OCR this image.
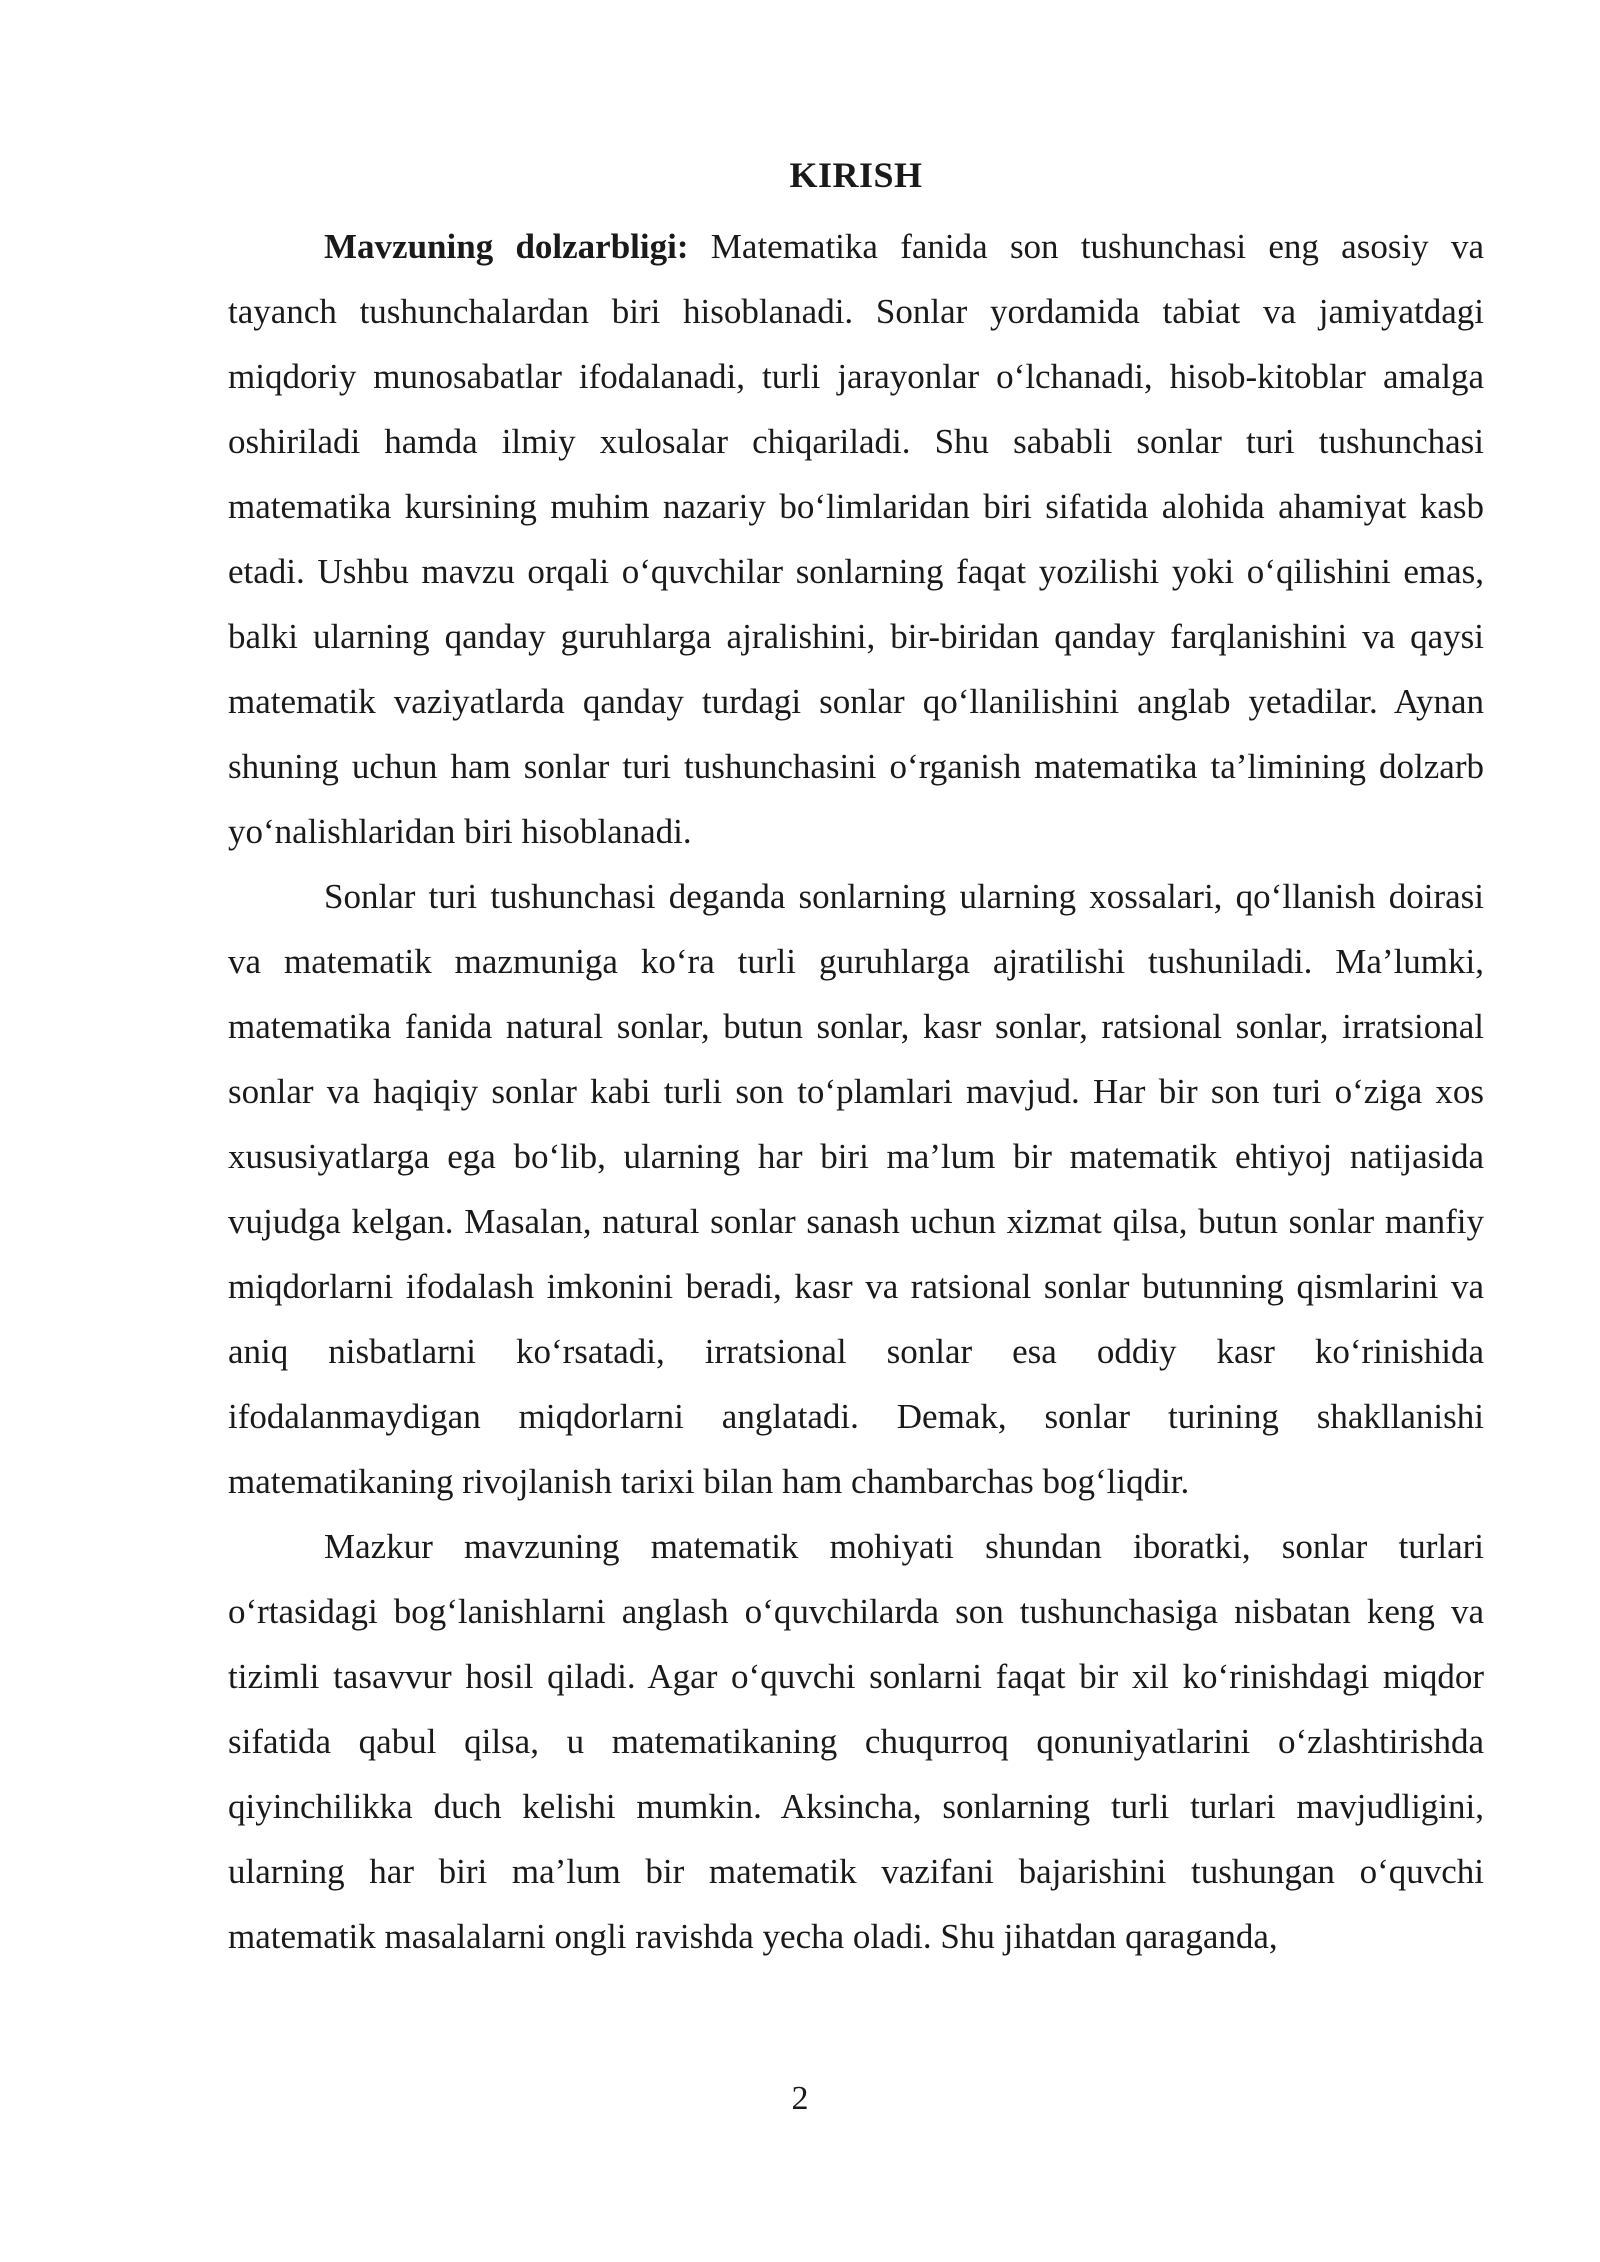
KIRISH

Mavzuning dolzarbligi: Matematika fanida son tushunchasi eng asosiy va tayanch tushunchalardan biri hisoblanadi. Sonlar yordamida tabiat va jamiyatdagi miqdoriy munosabatlar ifodalanadi, turli jarayonlar o‘lchanadi, hisob-kitoblar amalga oshiriladi hamda ilmiy xulosalar chiqariladi. Shu sababli sonlar turi tushunchasi matematika kursining muhim nazariy bo‘limlaridan biri sifatida alohida ahamiyat kasb etadi. Ushbu mavzu orqali o‘quvchilar sonlarning faqat yozilishi yoki o‘qilishini emas, balki ularning qanday guruhlarga ajralishini, bir-biridan qanday farqlanishini va qaysi matematik vaziyatlarda qanday turdagi sonlar qo‘llanilishini anglab yetadilar. Aynan shuning uchun ham sonlar turi tushunchasini o‘rganish matematika ta’limining dolzarb yo‘nalishlaridan biri hisoblanadi.

Sonlar turi tushunchasi deganda sonlarning ularning xossalari, qo‘llanish doirasi va matematik mazmuniga ko‘ra turli guruhlarga ajratilishi tushuniladi. Ma’lumki, matematika fanida natural sonlar, butun sonlar, kasr sonlar, ratsional sonlar, irratsional sonlar va haqiqiy sonlar kabi turli son to‘plamlari mavjud. Har bir son turi o‘ziga xos xususiyatlarga ega bo‘lib, ularning har biri ma’lum bir matematik ehtiyoj natijasida vujudga kelgan. Masalan, natural sonlar sanash uchun xizmat qilsa, butun sonlar manfiy miqdorlarni ifodalash imkonini beradi, kasr va ratsional sonlar butunning qismlarini va aniq nisbatlarni ko‘rsatadi, irratsional sonlar esa oddiy kasr ko‘rinishida ifodalanmaydigan miqdorlarni anglatadi. Demak, sonlar turining shakllanishi matematikaning rivojlanish tarixi bilan ham chambarchas bog‘liqdir.

Mazkur mavzuning matematik mohiyati shundan iboratki, sonlar turlari o‘rtasidagi bog‘lanishlarni anglash o‘quvchilarda son tushunchasiga nisbatan keng va tizimli tasavvur hosil qiladi. Agar o‘quvchi sonlarni faqat bir xil ko‘rinishdagi miqdor sifatida qabul qilsa, u matematikaning chuqurroq qonuniyatlarini o‘zlashtirishda qiyinchilikka duch kelishi mumkin. Aksincha, sonlarning turli turlari mavjudligini, ularning har biri ma’lum bir matematik vazifani bajarishini tushungan o‘quvchi matematik masalalarni ongli ravishda yecha oladi. Shu jihatdan qaraganda,

2
